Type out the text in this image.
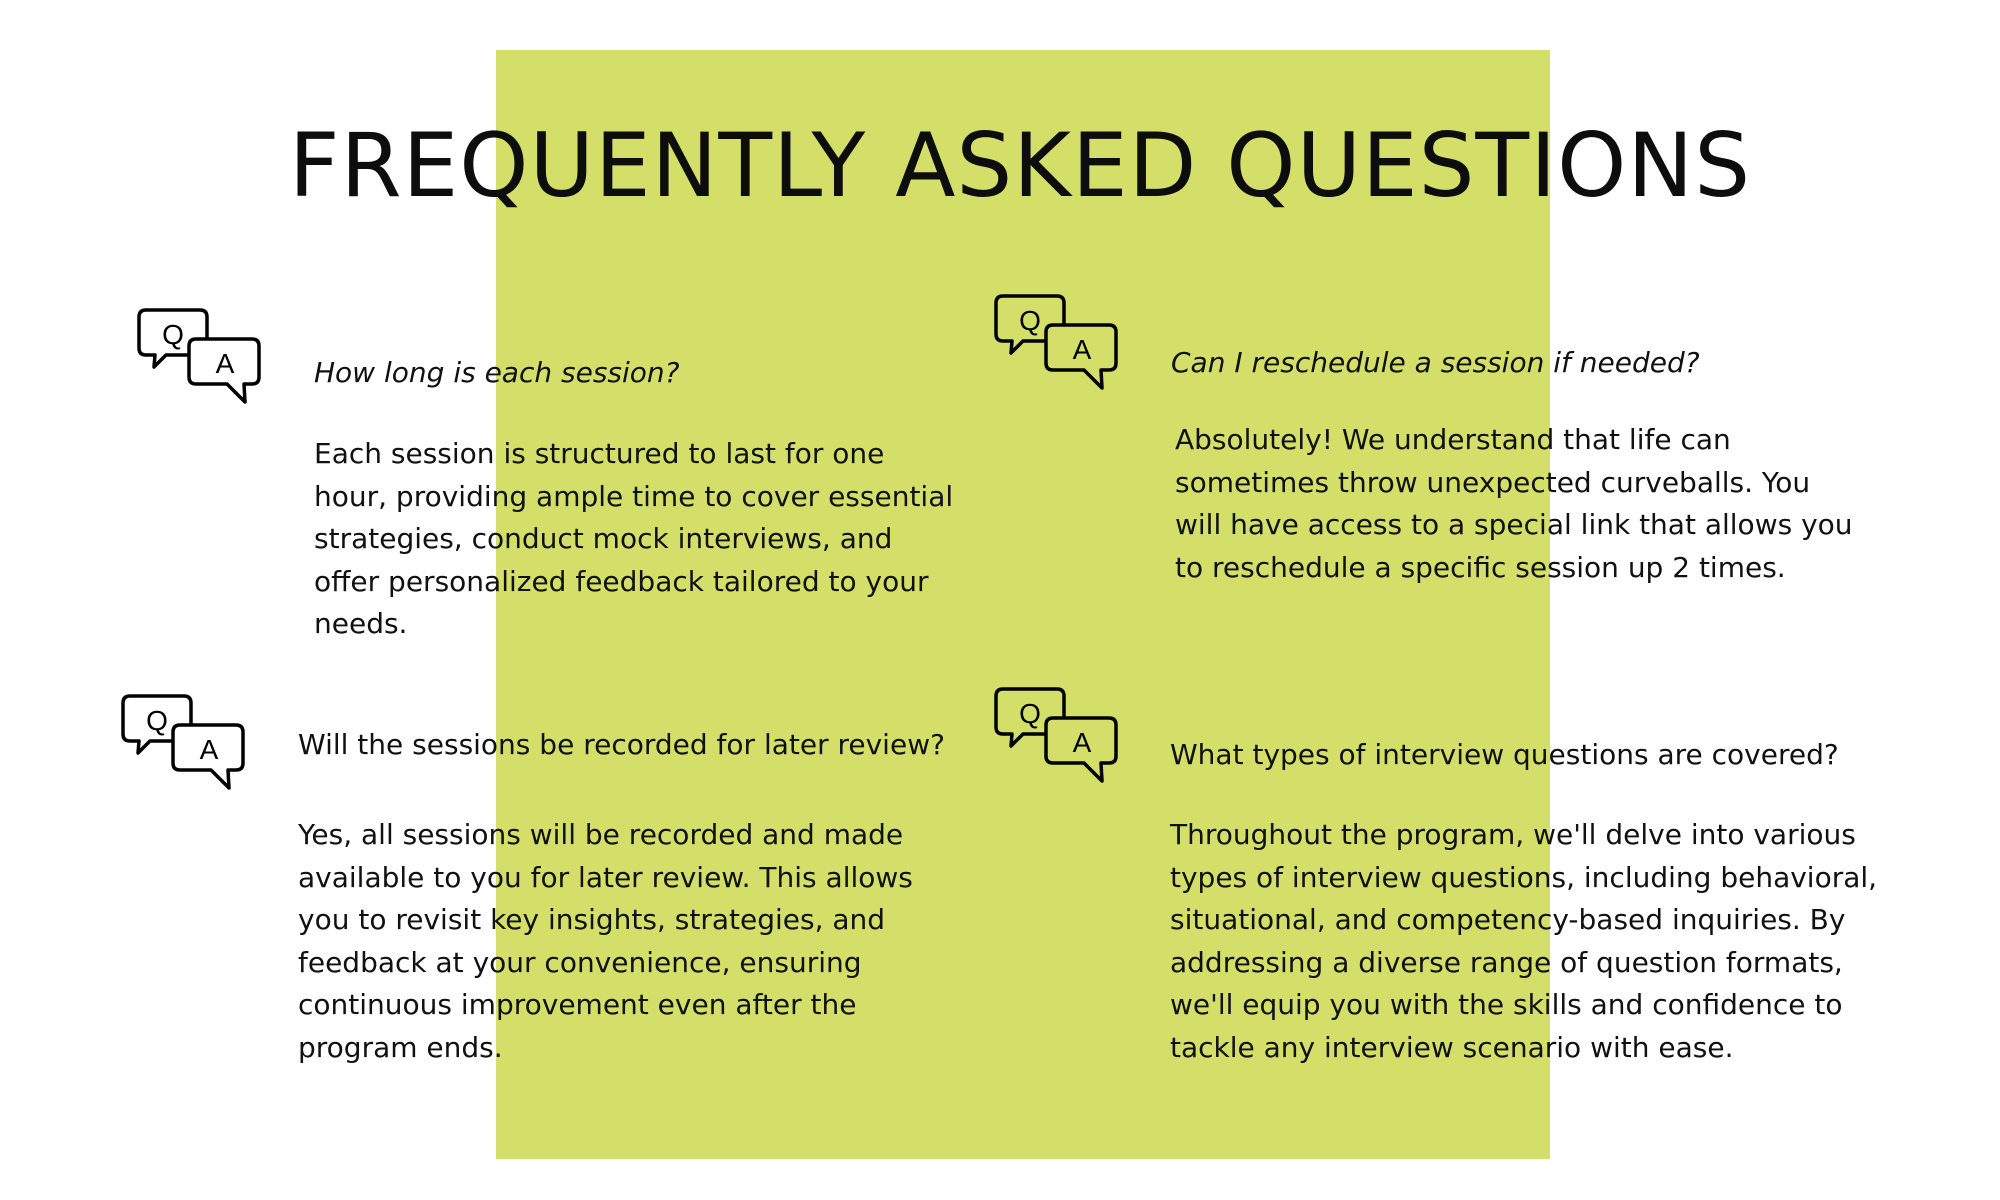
FREQUENTLY ASKED QUESTIONS
Q
A	How long is each session?

Each session is structured to last for one hour, providing ample time to cover essential strategies, conduct mock interviews, and offer personalized feedback tailored to your needs.

Q
A	Can I reschedule a session if needed?

Absolutely! We understand that life can sometimes throw unexpected curveballs. You will have access to a special link that allows you to reschedule a specific session up 2 times.

Q
A	Will the sessions be recorded for later review?

Yes, all sessions will be recorded and made available to you for later review. This allows you to revisit key insights, strategies, and feedback at your convenience, ensuring continuous improvement even after the program ends.

Q
A	What types of interview questions are covered?

Throughout the program, we'll delve into various types of interview questions, including behavioral, situational, and competency-based inquiries. By addressing a diverse range of question formats, we'll equip you with the skills and confidence to tackle any interview scenario with ease.
